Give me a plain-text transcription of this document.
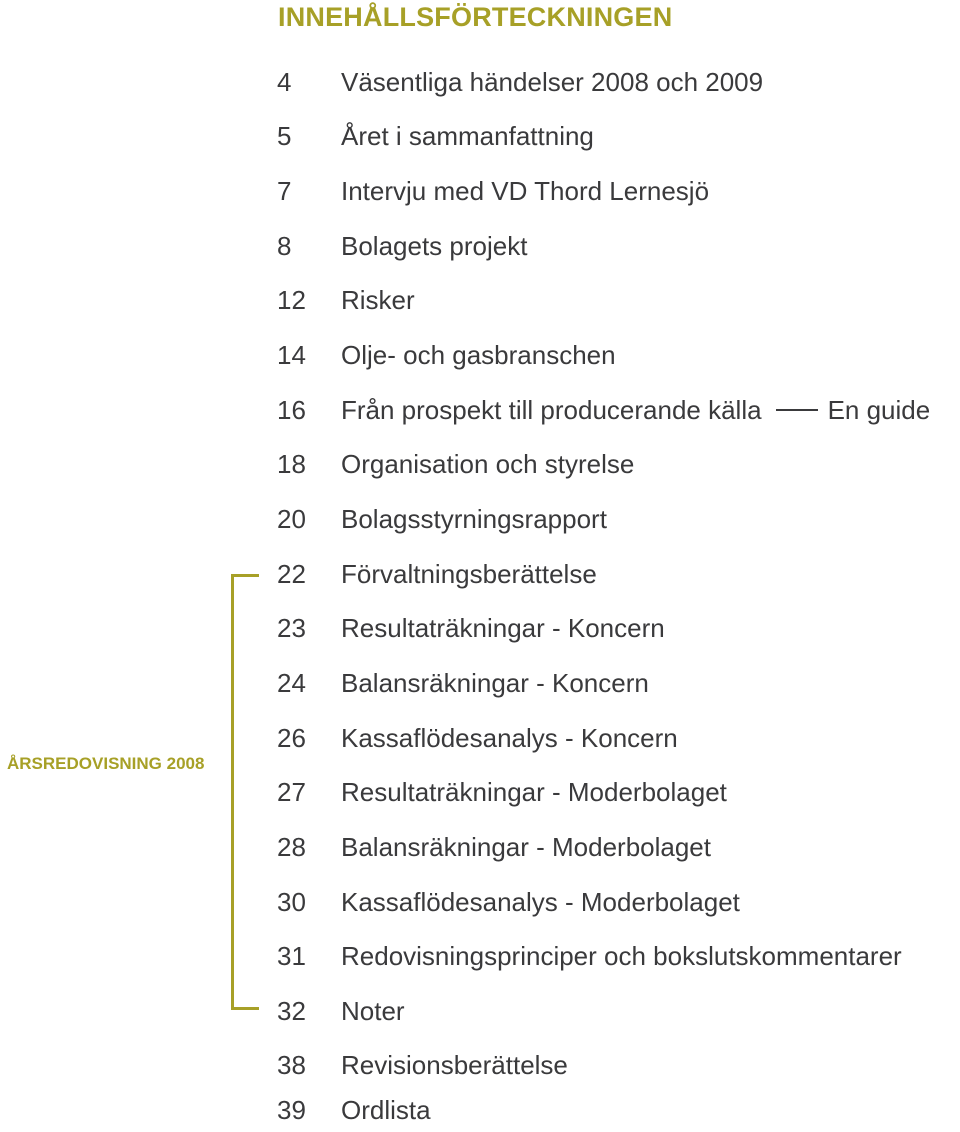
INNEHÅLLSFÖRTECKNINGEN
4	Väsentliga händelser 2008 och 2009
5	Året i sammanfattning
7	Intervju med VD Thord Lernesjö
8	Bolagets projekt
12	Risker
14	Olje- och gasbranschen
16	Från prospekt till producerande källa	En guide
18	Organisation och styrelse
20	Bolagsstyrningsrapport
22	Förvaltningsberättelse
23	Resultaträkningar - Koncern
24	Balansräkningar - Koncern
26	Kassaflödesanalys - Koncern
27	Resultaträkningar - Moderbolaget
28	Balansräkningar - Moderbolaget
30	Kassaflödesanalys - Moderbolaget
31	Redovisningsprinciper och bokslutskommentarer
32	Noter
38	Revisionsberättelse
39	Ordlista
ÅRSREDOVISNING 2008
